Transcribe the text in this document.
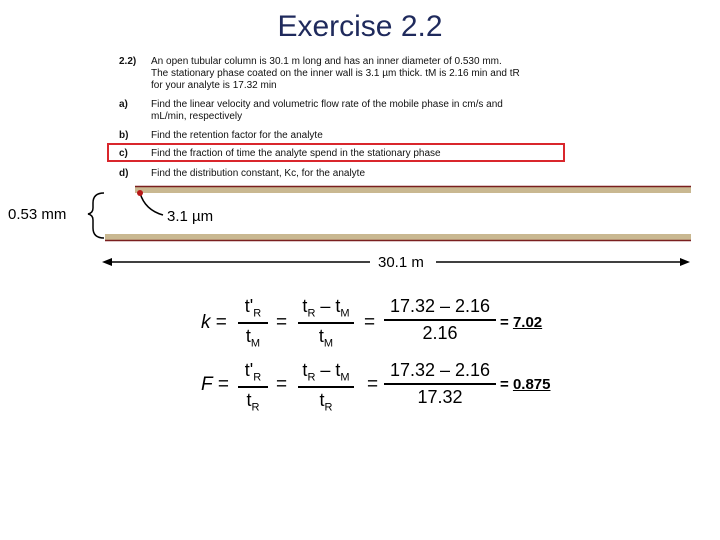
Exercise 2.2
2.2) An open tubular column is 30.1 m long and has an inner diameter of 0.530 mm.
The stationary phase coated on the inner wall is 3.1 µm thick. tM is 2.16 min and tR
for your analyte is 17.32 min
a) Find the linear velocity and volumetric flow rate of the mobile phase in cm/s and
mL/min, respectively
b) Find the retention factor for the analyte
c) Find the fraction of time the analyte spend in the stationary phase
d) Find the distribution constant, Kc, for the analyte
0.53 mm	3.1 µm
30.1 m
k =
$t'_R$
$t_M$
=
$t_R - t_M$
$t_M$
=
17.32 – 2.16
2.16
= 7.02
F =
$t'_R$
$t_R$
=
$t_R - t_M$
$t_R$
=
17.32 – 2.16
17.32
= 0.875
